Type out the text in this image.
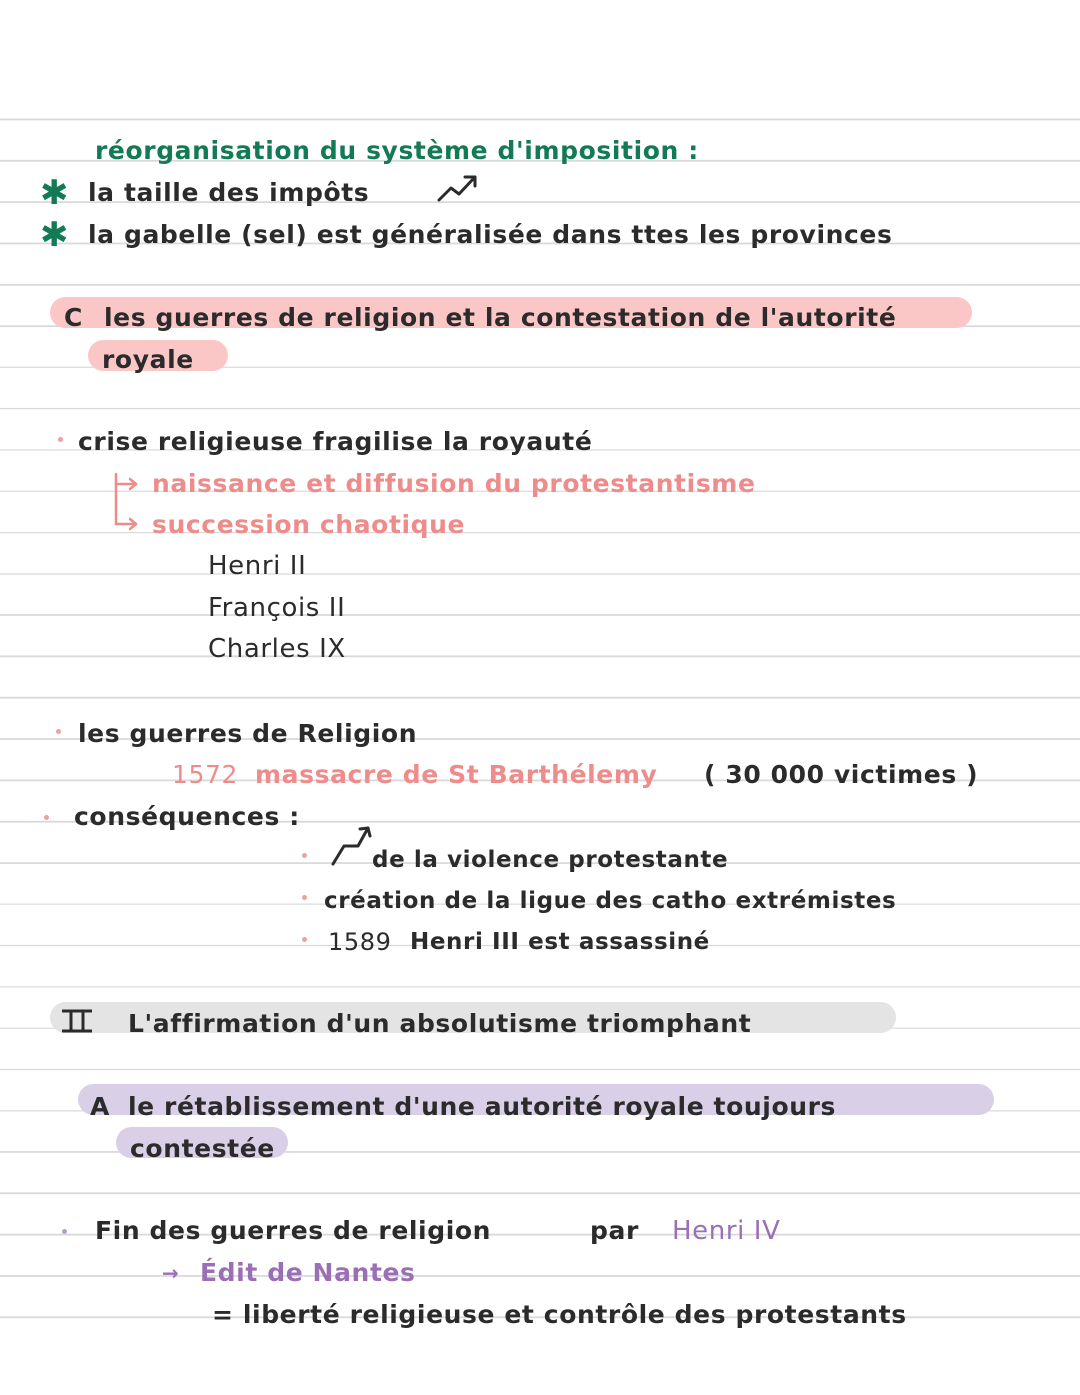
réorganisation du système d'imposition :
✱ la taille des impôts
✱ la gabelle (sel) est généralisée dans ttes les provinces
C les guerres de religion et la contestation de l'autorité
royale
crise religieuse fragilise la royauté
naissance et diffusion du protestantisme
succession chaotique
Henri II
François II
Charles IX
les guerres de Religion
1572 massacre de St Barthélemy ( 30 000 victimes )
conséquences :
de la violence protestante
création de la ligue des catho extrémistes
1589 Henri III est assassiné
L'affirmation d'un absolutisme triomphant
A le rétablissement d'une autorité royale toujours
contestée
Fin des guerres de religion	par Henri IV
→ Édit de Nantes
= liberté religieuse et contrôle des protestants
